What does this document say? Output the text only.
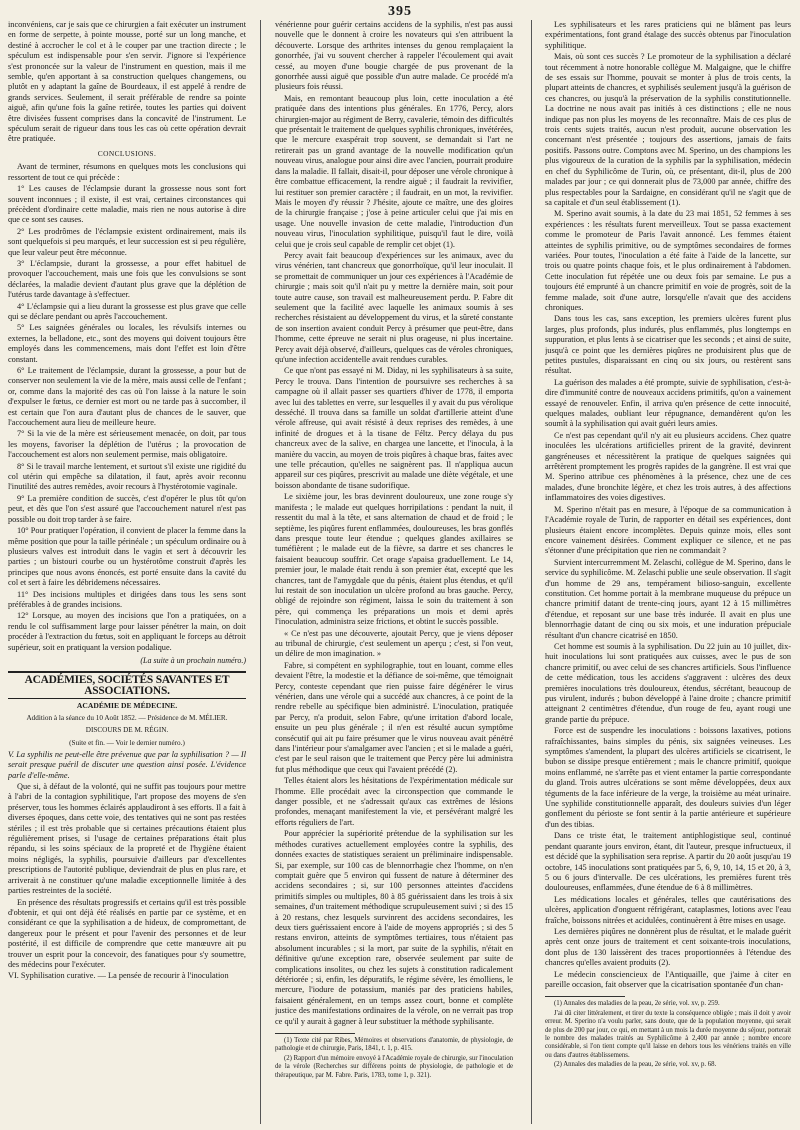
395

inconvéniens, car je sais que ce chirurgien a fait exécuter un instrument en forme de serpette, à pointe mousse, porté sur un long manche, et destiné à accrocher le col et à le couper par une traction directe ; le spéculum est indispensable pour s'en servir. J'ignore si l'expérience s'est prononcée sur la valeur de l'instrument en question, mais il me semble, qu'en apportant à sa construction quelques changemens, ou plutôt en y adaptant la gaîne de Bourdeaux, il est appelé à rendre de grands services. Seulement, il serait préférable de rendre sa pointe aiguë, afin qu'une fois la gaîne retirée, toutes les parties qui doivent être divisées fussent comprises dans la concavité de l'instrument. Le spéculum serait de rigueur dans tous les cas où cette opération devrait être pratiquée.

CONCLUSIONS.

Avant de terminer, résumons en quelques mots les conclusions qui ressortent de tout ce qui précède :

1° Les causes de l'éclampsie durant la grossesse nous sont fort souvent inconnues ; il existe, il est vrai, certaines circonstances qui précèdent d'ordinaire cette maladie, mais rien ne nous autorise à dire que ce sont ses causes.

2° Les prodrômes de l'éclampsie existent ordinairement, mais ils sont quelquefois si peu marqués, et leur succession est si peu régulière, que leur valeur peut être méconnue.

3° L'éclampsie, durant la grossesse, a pour effet habituel de provoquer l'accouchement, mais une fois que les convulsions se sont déclarées, la maladie devient d'autant plus grave que la déplétion de l'utérus tarde davantage à s'effectuer.

4° L'éclampsie qui a lieu durant la grossesse est plus grave que celle qui se déclare pendant ou après l'accouchement.

5° Les saignées générales ou locales, les révulsifs internes ou externes, la belladone, etc., sont des moyens qui doivent toujours être employés dans les commencemens, mais dont l'effet est loin d'être constant.

6° Le traitement de l'éclampsie, durant la grossesse, a pour but de conserver non seulement la vie de la mère, mais aussi celle de l'enfant ; or, comme dans la majorité des cas où l'on laisse à la nature le soin d'expulser le fœtus, ce dernier est mort ou ne tarde pas à succomber, il est certain que l'on aura d'autant plus de chances de le sauver, que l'accouchement aura lieu de meilleure heure.

7° Si la vie de la mère est sérieusement menacée, on doit, par tous les moyens, favoriser la déplétion de l'utérus ; la provocation de l'accouchement est alors non seulement permise, mais obligatoire.

8° Si le travail marche lentement, et surtout s'il existe une rigidité du col utérin qui empêche sa dilatation, il faut, après avoir reconnu l'inutilité des autres remèdes, avoir recours à l'hystérotomie vaginale.

9° La première condition de succès, c'est d'opérer le plus tôt qu'on peut, et dès que l'on s'est assuré que l'accouchement naturel n'est pas possible ou doit trop tarder à se faire.

10° Pour pratiquer l'opération, il convient de placer la femme dans la même position que pour la taille périnéale ; un spéculum ordinaire ou à plusieurs valves est introduit dans le vagin et sert à découvrir les parties ; un bistouri courbe ou un hystérotôme construit d'après les principes que nous avons énoncés, est porté ensuite dans la cavité du col et sert à faire les débridemens nécessaires.

11° Des incisions multiples et dirigées dans tous les sens sont préférables à de grandes incisions.

12° Lorsque, au moyen des incisions que l'on a pratiquées, on a rendu le col suffisamment large pour laisser pénétrer la main, on doit procéder à l'extraction du fœtus, soit en appliquant le forceps au détroit supérieur, soit en pratiquant la version podalique.

(La suite à un prochain numéro.)
ACADÉMIES, SOCIÉTÉS SAVANTES ET ASSOCIATIONS.
ACADÉMIE DE MÉDECINE.
Addition à la séance du 10 Août 1852. — Présidence de M. MÉLIER.
DISCOURS DE M. RÉGIN.
(Suite et fin. — Voir le dernier numéro.)

V. La syphilis ne peut-elle être prévenue que par la syphilisation ? — Il serait presque puéril de discuter une question ainsi posée. L'évidence parle d'elle-même.

Que si, à défaut de la volonté, qui ne suffit pas toujours pour mettre à l'abri de la contagion syphilitique, l'art propose des moyens de s'en préserver, tous les hommes éclairés applaudiront à ses efforts. Il a fait à diverses époques, dans cette voie, des tentatives qui ne sont pas restées stériles ; il est très probable que si certaines précautions étaient plus régulièrement prises, si l'usage de certaines préparations était plus répandu, si les soins spéciaux de la propreté et de l'hygiène étaient moins négligés, la syphilis, poursuivie d'ailleurs par d'excellentes prescriptions de l'autorité publique, deviendrait de plus en plus rare, et arriverait à ne constituer qu'une maladie exceptionnelle limitée à des parties restreintes de la société.

En présence des résultats progressifs et certains qu'il est très possible d'obtenir, et qui ont déjà été réalisés en partie par ce système, et en considérant ce que la syphilisation a de hideux, de compromettant, de dangereux pour le présent et pour l'avenir des personnes et de leur postérité, il est difficile de comprendre que cette manœuvre ait pu trouver un esprit pour la concevoir, des fanatiques pour s'y soumettre, des médecins pour l'exécuter.

VI. Syphilisation curative. — La pensée de recourir à l'inoculation

vénérienne pour guérir certains accidens de la syphilis, n'est pas aussi nouvelle que le donnent à croire les novateurs qui s'en attribuent la découverte. Lorsque des arthrites intenses du genou remplaçaient la gonorrhée, j'ai vu souvent chercher à rappeler l'écoulement qui avait cessé, au moyen d'une bougie chargée de pus provenant de la gonorrhée aussi aiguë que possible d'un autre malade. Ce procédé m'a plusieurs fois réussi.

Mais, en remontant beaucoup plus loin, cette inoculation a été pratiquée dans des intentions plus générales. En 1776, Percy, alors chirurgien-major au régiment de Berry, cavalerie, témoin des difficultés que présentait le traitement de quelques syphilis chroniques, invétérées, que le mercure exaspérait trop souvent, se demandait si l'art ne retirerait pas un grand avantage de la nouvelle modification qu'un nouveau virus, analogue pour ainsi dire avec l'ancien, pourrait produire dans la maladie. Il fallait, disait-il, pour déposer une vérole chronique à être combattue efficacement, la rendre aiguë ; il faudrait la revivifier, lui restituer son premier caractère ; il faudrait, en un mot, la revivifier. Mais le moyen d'y réussir ? J'hésite, ajoute ce maître, une des gloires de la chirurgie française ; j'ose à peine articuler celui que j'ai mis en usage. Une nouvelle invasion de cette maladie, l'introduction d'un nouveau virus, l'inoculation syphilitique, puisqu'il faut le dire, voilà celui que je crois seul capable de remplir cet objet (1).

Percy avait fait beaucoup d'expériences sur les animaux, avec du virus vénérien, tant chancreux que gonorrhoïque, qu'il leur inoculait. Il se promettait de communiquer un jour ces expériences à l'Académie de chirurgie ; mais soit qu'il n'ait pu y mettre la dernière main, soit pour toute autre cause, son travail est malheureusement perdu. P. Fabre dit seulement que la facilité avec laquelle les animaux soumis à ses recherches résistaient au développement du virus, et la sûreté constante de son insertion avaient conduit Percy à présumer que peut-être, dans l'homme, cette épreuve ne serait ni plus orageuse, ni plus incertaine. Percy avait déjà observé, d'ailleurs, quelques cas de véroles chroniques, qu'une infection accidentelle avait rendues curables.

Ce que n'ont pas essayé ni M. Diday, ni les syphilisateurs à sa suite, Percy le trouva. Dans l'intention de poursuivre ses recherches à sa campagne où il allait passer ses quartiers d'hiver de 1778, il emporta avec lui des tablettes en verre, sur lesquelles il y avait du pus vérolique desséché. Il trouva dans sa famille un soldat d'artillerie atteint d'une vérole affreuse, qui avait résisté à deux reprises des remèdes, à une infinité de drogues et à la tisane de Féltz. Percy délaya du pus chancreux avec de la salive, en chargea une lancette, et l'inocula, à la manière du vaccin, au moyen de trois piqûres à chaque bras, faites avec une telle précaution, qu'elles ne saignèrent pas. Il n'appliqua aucun appareil sur ces piqûres, prescrivit au malade une diète végétale, et une boisson abondante de tisane sudorifique.

Le sixième jour, les bras devinrent douloureux, une zone rouge s'y manifesta ; le malade eut quelques horripilations : pendant la nuit, il ressentit du mal à la tête, et sans alternation de chaud et de froid ; le septième, les piqûres furent enflammées, douloureuses, les bras gonflés dans presque toute leur étendue ; quelques glandes axillaires se tuméfièrent ; le malade eut de la fièvre, sa dartre et ses chancres le faisaient beaucoup souffrir. Cet orage s'apaisa graduellement. Le 14, premier jour, le malade était rendu à son premier état, excepté que les chancres, tant de l'amygdale que du pénis, étaient plus étendus, et qu'il lui restait de son inoculation un ulcère profond au bras gauche. Percy, obligé de rejoindre son régiment, laissa le soin du traitement à son père, qui commença les préparations un mois et demi après l'inoculation, administra seize frictions, et obtint le succès possible.

« Ce n'est pas une découverte, ajoutait Percy, que je viens déposer au tribunal de chirurgie, c'est seulement un aperçu ; c'est, si l'on veut, un délire de mon imagination. »

Fabre, si compétent en syphilographie, tout en louant, comme elles devaient l'être, la modestie et la défiance de soi-même, que témoignait Percy, conteste cependant que rien puisse faire dégénérer le virus vénérien, dans une vérole qui a succédé aux chancres, à ce point de la rendre rebelle au spécifique bien administré. L'inoculation, pratiquée par Percy, n'a produit, selon Fabre, qu'une irritation d'abord locale, ensuite un peu plus générale ; il n'en est résulté aucun symptôme consécutif qui ait pu faire présumer que le virus nouveau avait pénétré dans l'intérieur pour s'amalgamer avec l'ancien ; et si le malade a guéri, c'est par le seul raison que le traitement que Percy père lui administra fut plus méthodique que ceux qui l'avaient précédé (2).

Telles étaient alors les hésitations de l'expérimentation médicale sur l'homme. Elle procédait avec la circonspection que commande le danger possible, et ne s'adressait qu'aux cas extrêmes de lésions profondes, menaçant manifestement la vie, et persévérant malgré les efforts réguliers de l'art.

Pour apprécier la supériorité prétendue de la syphilisation sur les méthodes curatives actuellement employées contre la syphilis, des données exactes de statistiques seraient un préliminaire indispensable. Si, par exemple, sur 100 cas de blennorrhagie chez l'homme, on n'en comptait guère que 5 environ qui fussent de nature à déterminer des accidens secondaires ; si, sur 100 personnes atteintes d'accidens primitifs simples ou multiples, 80 à 85 guérissaient dans les trois à six semaines, d'un traitement méthodique scrupuleusement suivi ; si des 15 à 20 restans, chez lesquels survinrent des accidens secondaires, les deux tiers guérissaient encore à l'aide de moyens appropriés ; si des 5 restans environ, atteints de symptômes tertiaires, tous n'étaient pas absolument incurables ; si la mort, par suite de la syphilis, n'était en définitive qu'une exception rare, observée seulement par suite de complications insolites, ou chez les sujets à constitution radicalement détériorée ; si, enfin, les dépuratifs, le régime sévère, les émolliens, le mercure, l'iodure de potassium, maniés par des praticiens habiles, faisaient généralement, en un temps assez court, bonne et complète justice des manifestations ordinaires de la vérole, on ne verrait pas trop ce qu'il y aurait à gagner à leur substituer la méthode syphilisante.

(1) Texte cité par Ribes, Mémoires et observations d'anatomie, de physiologie, de pathologie et de chirurgie, Paris, 1841, t. 1, p. 415.

(2) Rapport d'un mémoire envoyé à l'Académie royale de chirurgie, sur l'inoculation de la vérole (Recherches sur différens points de physiologie, de pathologie et de thérapeutique, par M. Fabre. Paris, 1783, tome 1, p. 321).

Les syphilisateurs et les rares praticiens qui ne blâment pas leurs expérimentations, font grand étalage des succès obtenus par l'inoculation syphilitique.

Mais, où sont ces succès ? Le promoteur de la syphilisation a déclaré tout récemment à notre honorable collègue M. Malgaigne, que le chiffre de ses essais sur l'homme, pouvait se monter à plus de trois cents, la plupart atteints de chancres, et syphilisés seulement jusqu'à la guérison de ces chancres, ou jusqu'à la préservation de la syphilis constitutionnelle. La doctrine ne nous avait pas initiés à ces distinctions ; elle ne nous indique pas non plus les moyens de les reconnaître. Mais de ces plus de trois cents sujets traités, aucun n'est produit, aucune observation les concernant n'est présentée ; toujours des assertions, jamais de faits positifs. Passons outre. Comptons avec M. Sperino, un des champions les plus vigoureux de la curation de la syphilis par la syphilisation, médecin en chef du Syphilicôme de Turin, où, ce présentant, dit-il, plus de 200 malades par jour ; ce qui donnerait plus de 73,000 par année, chiffre des plus respectables pour la Sardaigne, en considérant qu'il ne s'agit que de sa capitale et d'un seul établissement (1).

M. Sperino avait soumis, à la date du 23 mai 1851, 52 femmes à ses expériences : les résultats furent merveilleux. Tout se passa exactement comme le promoteur de Paris l'avait annoncé. Les femmes étaient atteintes de syphilis primitive, ou de symptômes secondaires de formes variées. Pour toutes, l'inoculation a été faite à l'aide de la lancette, sur trois ou quatre points chaque fois, et le plus ordinairement à l'abdomen. Cette inoculation fut répétée une ou deux fois par semaine. Le pus a toujours été emprunté à un chancre primitif en voie de progrès, soit de la femme malade, soit d'une autre, lorsqu'elle n'avait que des accidens chroniques.

Dans tous les cas, sans exception, les premiers ulcères furent plus larges, plus profonds, plus indurés, plus enflammés, plus longtemps en suppuration, et plus lents à se cicatriser que les seconds ; et ainsi de suite, jusqu'à ce point que les dernières piqûres ne produisirent plus que de petites pustules, disparaissant en cinq ou six jours, ou restèrent sans résultat.

La guérison des malades a été prompte, suivie de syphilisation, c'est-à-dire d'immunité contre de nouveaux accidens primitifs, qu'on a vainement essayé de renouveler. Enfin, il arriva qu'en présence de cette innocuité, quelques malades, oubliant leur répugnance, demandèrent qu'on les soumît à la syphilisation qui avait guéri leurs amies.

Ce n'est pas cependant qu'il n'y ait eu plusieurs accidens. Chez quatre inoculées les ulcérations artificielles prirent de la gravité, devinrent gangréneuses et nécessitèrent la pratique de quelques saignées qui arrêtèrent promptement les progrès rapides de la gangrène. Il est vrai que M. Sperino attribue ces phénomènes à la présence, chez une de ces malades, d'une bronchite légère, et chez les trois autres, à des affections inflammatoires des voies digestives.

M. Sperino n'était pas en mesure, à l'époque de sa communication à l'Académie royale de Turin, de rapporter en détail ses expériences, dont plusieurs étaient encore incomplètes. Depuis quinze mois, elles sont encore vainement désirées. Comment expliquer ce silence, et ne pas s'étonner d'une précipitation que rien ne commandait ?

Survient intercurremment M. Zelaschi, collègue de M. Sperino, dans le service du syphilicôme. M. Zelaschi publie une seule observation. Il s'agit d'un homme de 29 ans, tempérament bilioso-sanguin, excellente constitution. Cet homme portait à la membrane muqueuse du prépuce un chancre primitif datant de trente-cinq jours, ayant 12 à 15 millimètres d'étendue, et reposant sur une base très indurée. Il avait en plus une blennorrhagie datant de cinq ou six mois, et une induration prépuciale résultant d'un chancre cicatrisé en 1850.

Cet homme est soumis à la syphilisation. Du 22 juin au 10 juillet, dix-huit inoculations lui sont pratiquées aux cuisses, avec le pus de son chancre primitif, ou avec celui de ses chancres artificiels. Sous l'influence de cette médication, tous les accidens s'aggravent : ulcères des deux premières inoculations très douloureux, étendus, sécrétant, beaucoup de pus virulent, indurés ; bubon développé à l'aine droite ; chancre primitif atteignant 2 centimètres d'étendue, d'un rouge de feu, ayant rougi une grande partie du prépuce.

Force est de suspendre les inoculations : boissons laxatives, potions rafraîchissantes, bains simples du pénis, six saignées veineuses. Les symptômes s'amendent, la plupart des ulcères artificiels se cicatrisent, le bubon se dissipe presque entièrement ; mais le chancre primitif, quoique moins enflammé, ne s'arrête pas et vient entamer la partie correspondante du gland. Trois autres ulcérations se sont même développées, deux aux téguments de la face inférieure de la verge, la troisième au méat urinaire. Une syphilide constitutionnelle apparaît, des douleurs suivies d'un léger gonflement du périoste se font sentir à la partie antérieure et supérieure d'un des tibias.

Dans ce triste état, le traitement antiphlogistique seul, continué pendant quarante jours environ, étant, dit l'auteur, presque infructueux, il est décidé que la syphilisation sera reprise. A partir du 20 août jusqu'au 19 octobre, 145 inoculations sont pratiquées par 5, 6, 9, 10, 14, 15 et 20, à 3, 5 ou 6 jours d'intervalle. De ces ulcérations, les premières furent très douloureuses, enflammées, d'une étendue de 6 à 8 millimètres.

Les médications locales et générales, telles que cautérisations des ulcères, application d'onguent réfrigérant, cataplasmes, lotions avec l'eau fraîche, boissons nitrées et acidulées, continuèrent à être mises en usage.

Les dernières piqûres ne donnèrent plus de résultat, et le malade guérit après cent onze jours de traitement et cent soixante-trois inoculations, dont plus de 130 laissèrent des traces proportionnées à l'étendue des chancres qu'elles avaient produits (2).

Le médecin consciencieux de l'Antiquaille, que j'aime à citer en pareille occasion, fait observer que la cicatrisation spontanée d'un chan-

(1) Annales des maladies de la peau, 2e série, vol. xv, p. 259.

J'ai dû citer littéralement, et tirer du texte la conséquence obligée ; mais il doit y avoir erreur. M. Sperino n'a voulu parler, sans doute, que de la population moyenne, qui serait de plus de 200 par jour, ce qui, en mettant à un mois la durée moyenne du séjour, porterait le nombre des malades traités au Syphilicôme à 2,400 par année ; nombre encore considérable, si l'on tient compte qu'il laisse en dehors tous les vénériens traités en ville ou dans d'autres établissemens.

(2) Annales des maladies de la peau, 2e série, vol. xv, p. 68.
